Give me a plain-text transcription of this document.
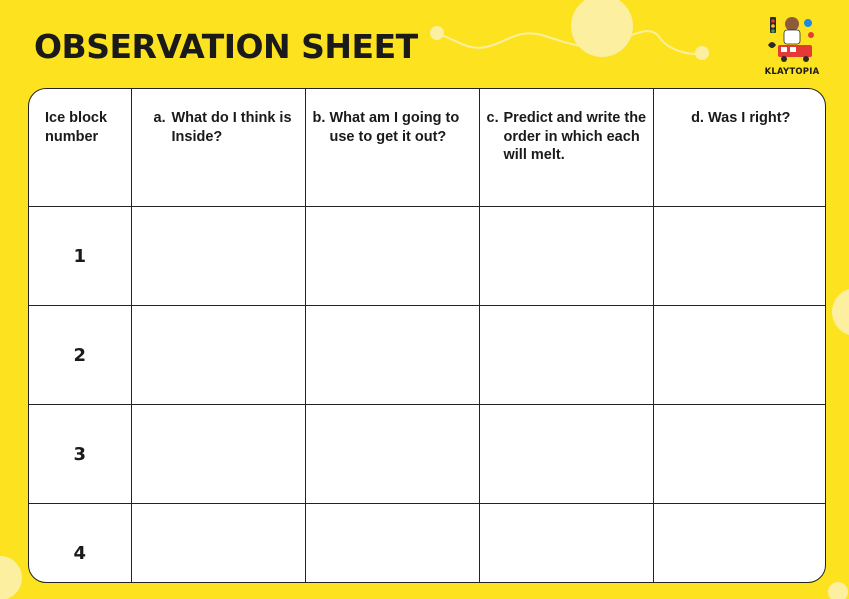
OBSERVATION SHEET
KLAYTOPIA
Ice block number	a. What do I think is Inside?	b. What am I going to use to get it out?	c. Predict and write the order in which each will melt.	d. Was I right?
1				
2				
3				
4				
